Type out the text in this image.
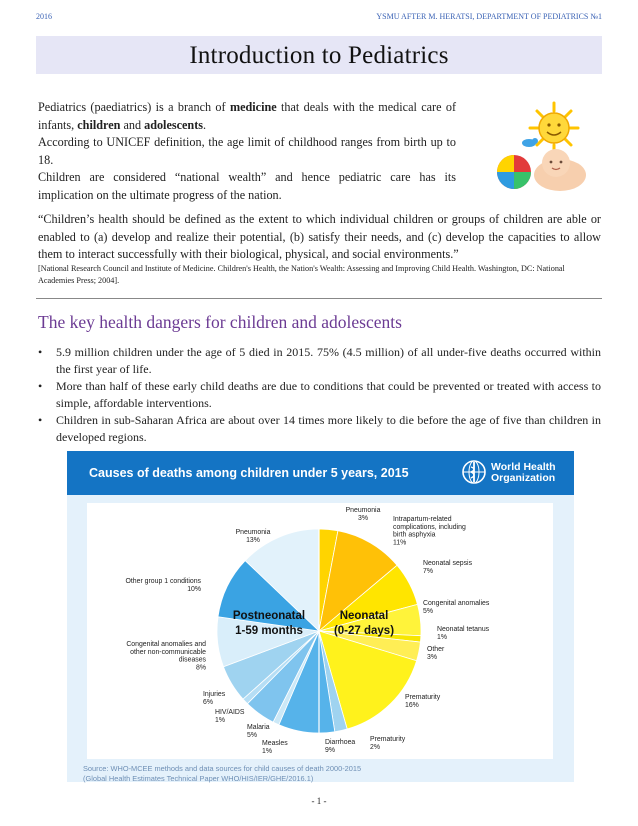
2016	YSMU AFTER M. HERATSI, DEPARTMENT OF PEDIATRICS №1
Introduction to Pediatrics

Pediatrics (paediatrics) is a branch of medicine that deals with the medical care of infants, children and adolescents.

According to UNICEF definition, the age limit of childhood ranges from birth up to 18.

Children are considered “national wealth” and hence pediatric care has its implication on the ultimate progress of the nation.

“Children’s health should be defined as the extent to which individual children or groups of children are able or enabled to (a) develop and realize their potential, (b) satisfy their needs, and (c) develop the capacities to allow them to interact successfully with their biological, physical, and social environments.”
[National Research Council and Institute of Medicine. Children's Health, the Nation's Wealth: Assessing and Improving Child Health. Washington, DC: National Academies Press; 2004].
The key health dangers for children and adolescents
• 5.9 million children under the age of 5 died in 2015. 75% (4.5 million) of all under-five deaths occurred within the first year of life.
• More than half of these early child deaths are due to conditions that could be prevented or treated with access to simple, affordable interventions.
• Children in sub-Saharan Africa are about over 14 times more likely to die before the age of five than children in developed regions.
Causes of deaths among children under 5 years, 2015	World Health
Organization
Pneumonia 3%	Intrapartum-related complications, including birth asphyxia 11%
Neonatal sepsis 7%
Congenital anomalies 5%
Neonatal tetanus 1%
Other 3%
Prematurity 16%
Prematurity 2%
Diarrhoea 9%
Measles 1%
Malaria 5%
HIV/AIDS 1%
Injuries 6%
Congenital anomalies and other non-communicable diseases 8%
Other group 1 conditions 10%
Pneumonia 13%
Neonatal
(0-27 days)
Postneonatal
1-59 months
Source: WHO-MCEE methods and data sources for child causes of death 2000-2015
(Global Health Estimates Technical Paper WHO/HIS/IER/GHE/2016.1)
- 1 -
